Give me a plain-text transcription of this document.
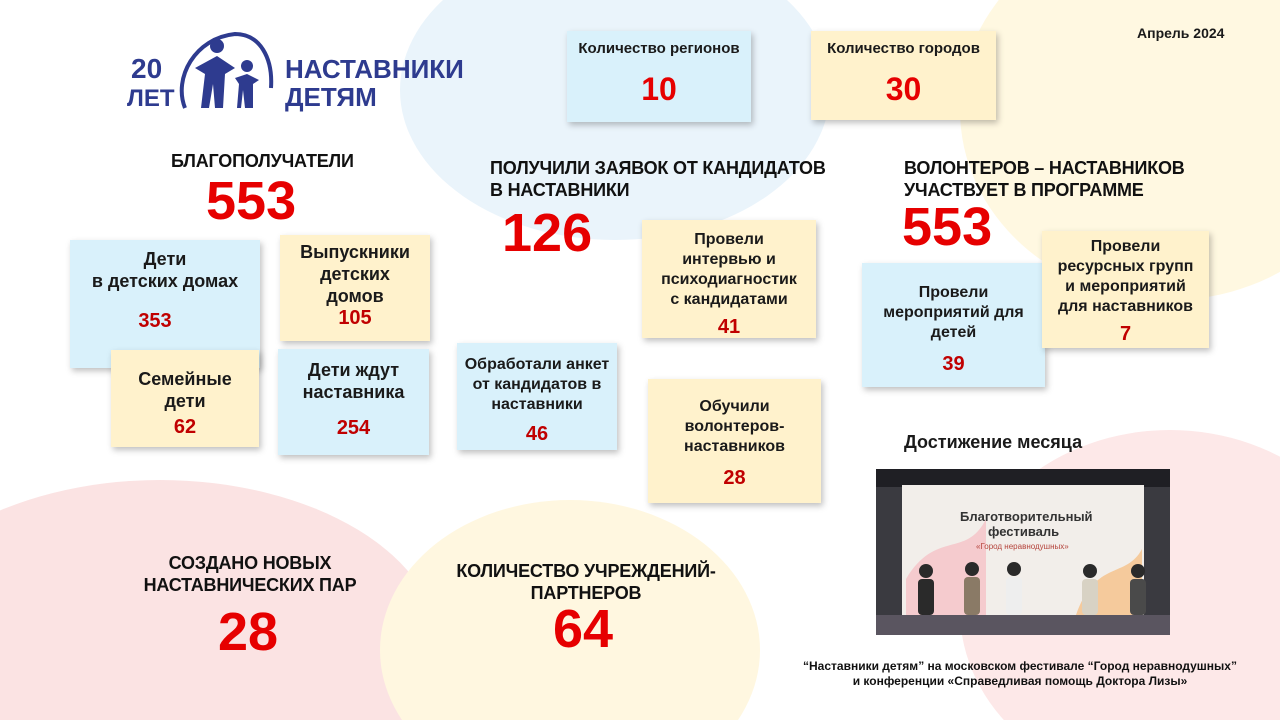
20
ЛЕТ
НАСТАВНИКИ
ДЕТЯМ
Апрель 2024
Количество регионов
10
Количество городов
30
БЛАГОПОЛУЧАТЕЛИ
553
Дети
в детских домах
353
Выпускники
детских
домов
105
Семейные
дети
62
Дети ждут
наставника
254
ПОЛУЧИЛИ ЗАЯВОК ОТ КАНДИДАТОВ
В НАСТАВНИКИ
126	Провели
интервью и
психодиагностик
с кандидатами
41
Обработали анкет
от кандидатов в
наставники
46
Обучили
волонтеров-
наставников
28
ВОЛОНТЕРОВ – НАСТАВНИКОВ
УЧАСТВУЕТ В ПРОГРАММЕ
553
Провели
мероприятий для
детей
39
Провели
ресурсных групп
и мероприятий
для наставников
7
СОЗДАНО НОВЫХ
НАСТАВНИЧЕСКИХ ПАР
28
КОЛИЧЕСТВО УЧРЕЖДЕНИЙ-
ПАРТНЕРОВ
64
Достижение месяца
Благотворительный
фестиваль
«Город неравнодушных»
“Наставники детям” на московском фестивале “Город неравнодушных”
и конференции «Справедливая помощь Доктора Лизы»
